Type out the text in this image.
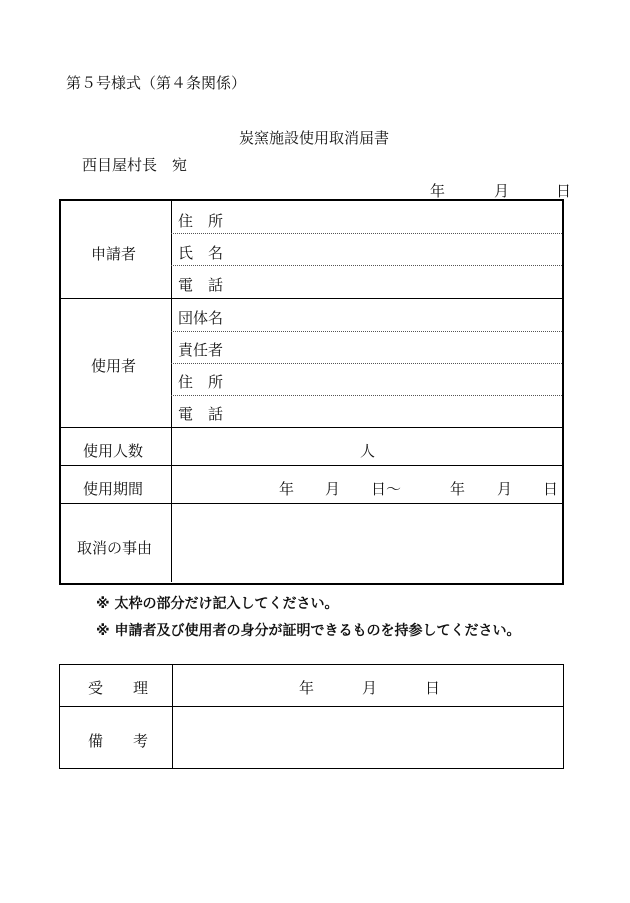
第５号様式（第４条関係）
炭窯施設使用取消届書
西目屋村長　宛
年	月	日
申請者
住　所
氏　名
電　話
使用者
団体名
責任者
住　所
電　話
使用人数	人
使用期間	年 月 日〜	年 月 日
取消の事由
※ 太枠の部分だけ記入してください。
※ 申請者及び使用者の身分が証明できるものを持参してください。
受　　理	年	月	日
備　　考
